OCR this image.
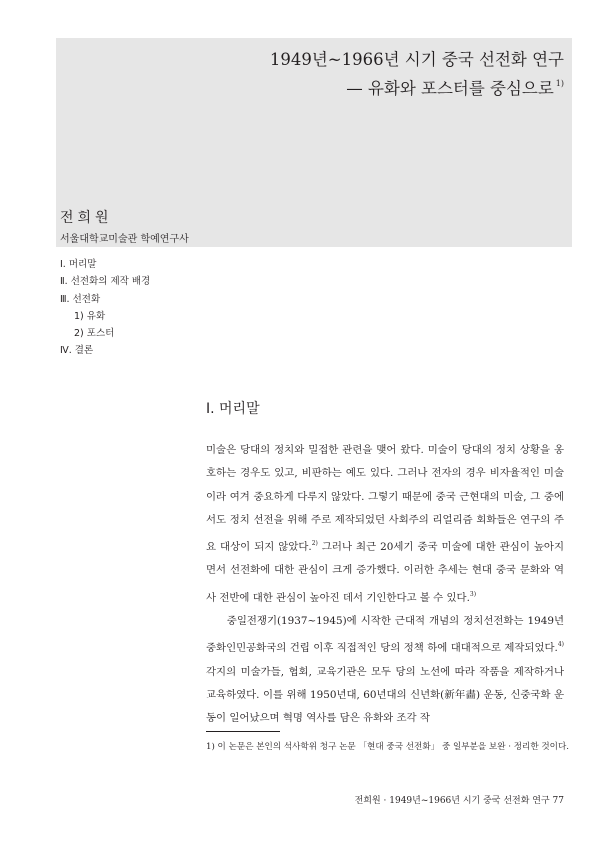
1949년~1966년 시기 중국 선전화 연구
— 유화와 포스터를 중심으로 $^{1)}$
전희원
서울대학교미술관 학예연구사
Ⅰ. 머리말
Ⅱ. 선전화의 제작 배경
Ⅲ. 선전화
1) 유화
2) 포스터
Ⅳ. 결론
Ⅰ. 머리말

미술은 당대의 정치와 밀접한 관련을 맺어 왔다. 미술이 당대의 정치 상황을 옹호하는 경우도 있고, 비판하는 예도 있다. 그러나 전자의 경우 비자율적인 미술이라 여겨 중요하게 다루지 않았다. 그렇기 때문에 중국 근현대의 미술, 그 중에서도 정치 선전을 위해 주로 제작되었던 사회주의 리얼리즘 회화들은 연구의 주요 대상이 되지 않았다.$^{2)}$ 그러나 최근 20세기 중국 미술에 대한 관심이 높아지면서 선전화에 대한 관심이 크게 증가했다. 이러한 추세는 현대 중국 문화와 역사 전반에 대한 관심이 높아진 데서 기인한다고 볼 수 있다.$^{3)}$

중일전쟁기(1937~1945)에 시작한 근대적 개념의 정치선전화는 1949년 중화인민공화국의 건립 이후 직접적인 당의 정책 하에 대대적으로 제작되었다.$^{4)}$ 각지의 미술가들, 협회, 교육기관은 모두 당의 노선에 따라 작품을 제작하거나 교육하였다. 이를 위해 1950년대, 60년대의 신년화(新年畵) 운동, 신중국화 운동이 일어났으며 혁명 역사를 담은 유화와 조각 작

1) 이 논문은 본인의 석사학위 청구 논문 「현대 중국 선전화」 중 일부분을 보완 · 정리한 것이다.

전희원 · 1949년~1966년 시기 중국 선전화 연구 77
